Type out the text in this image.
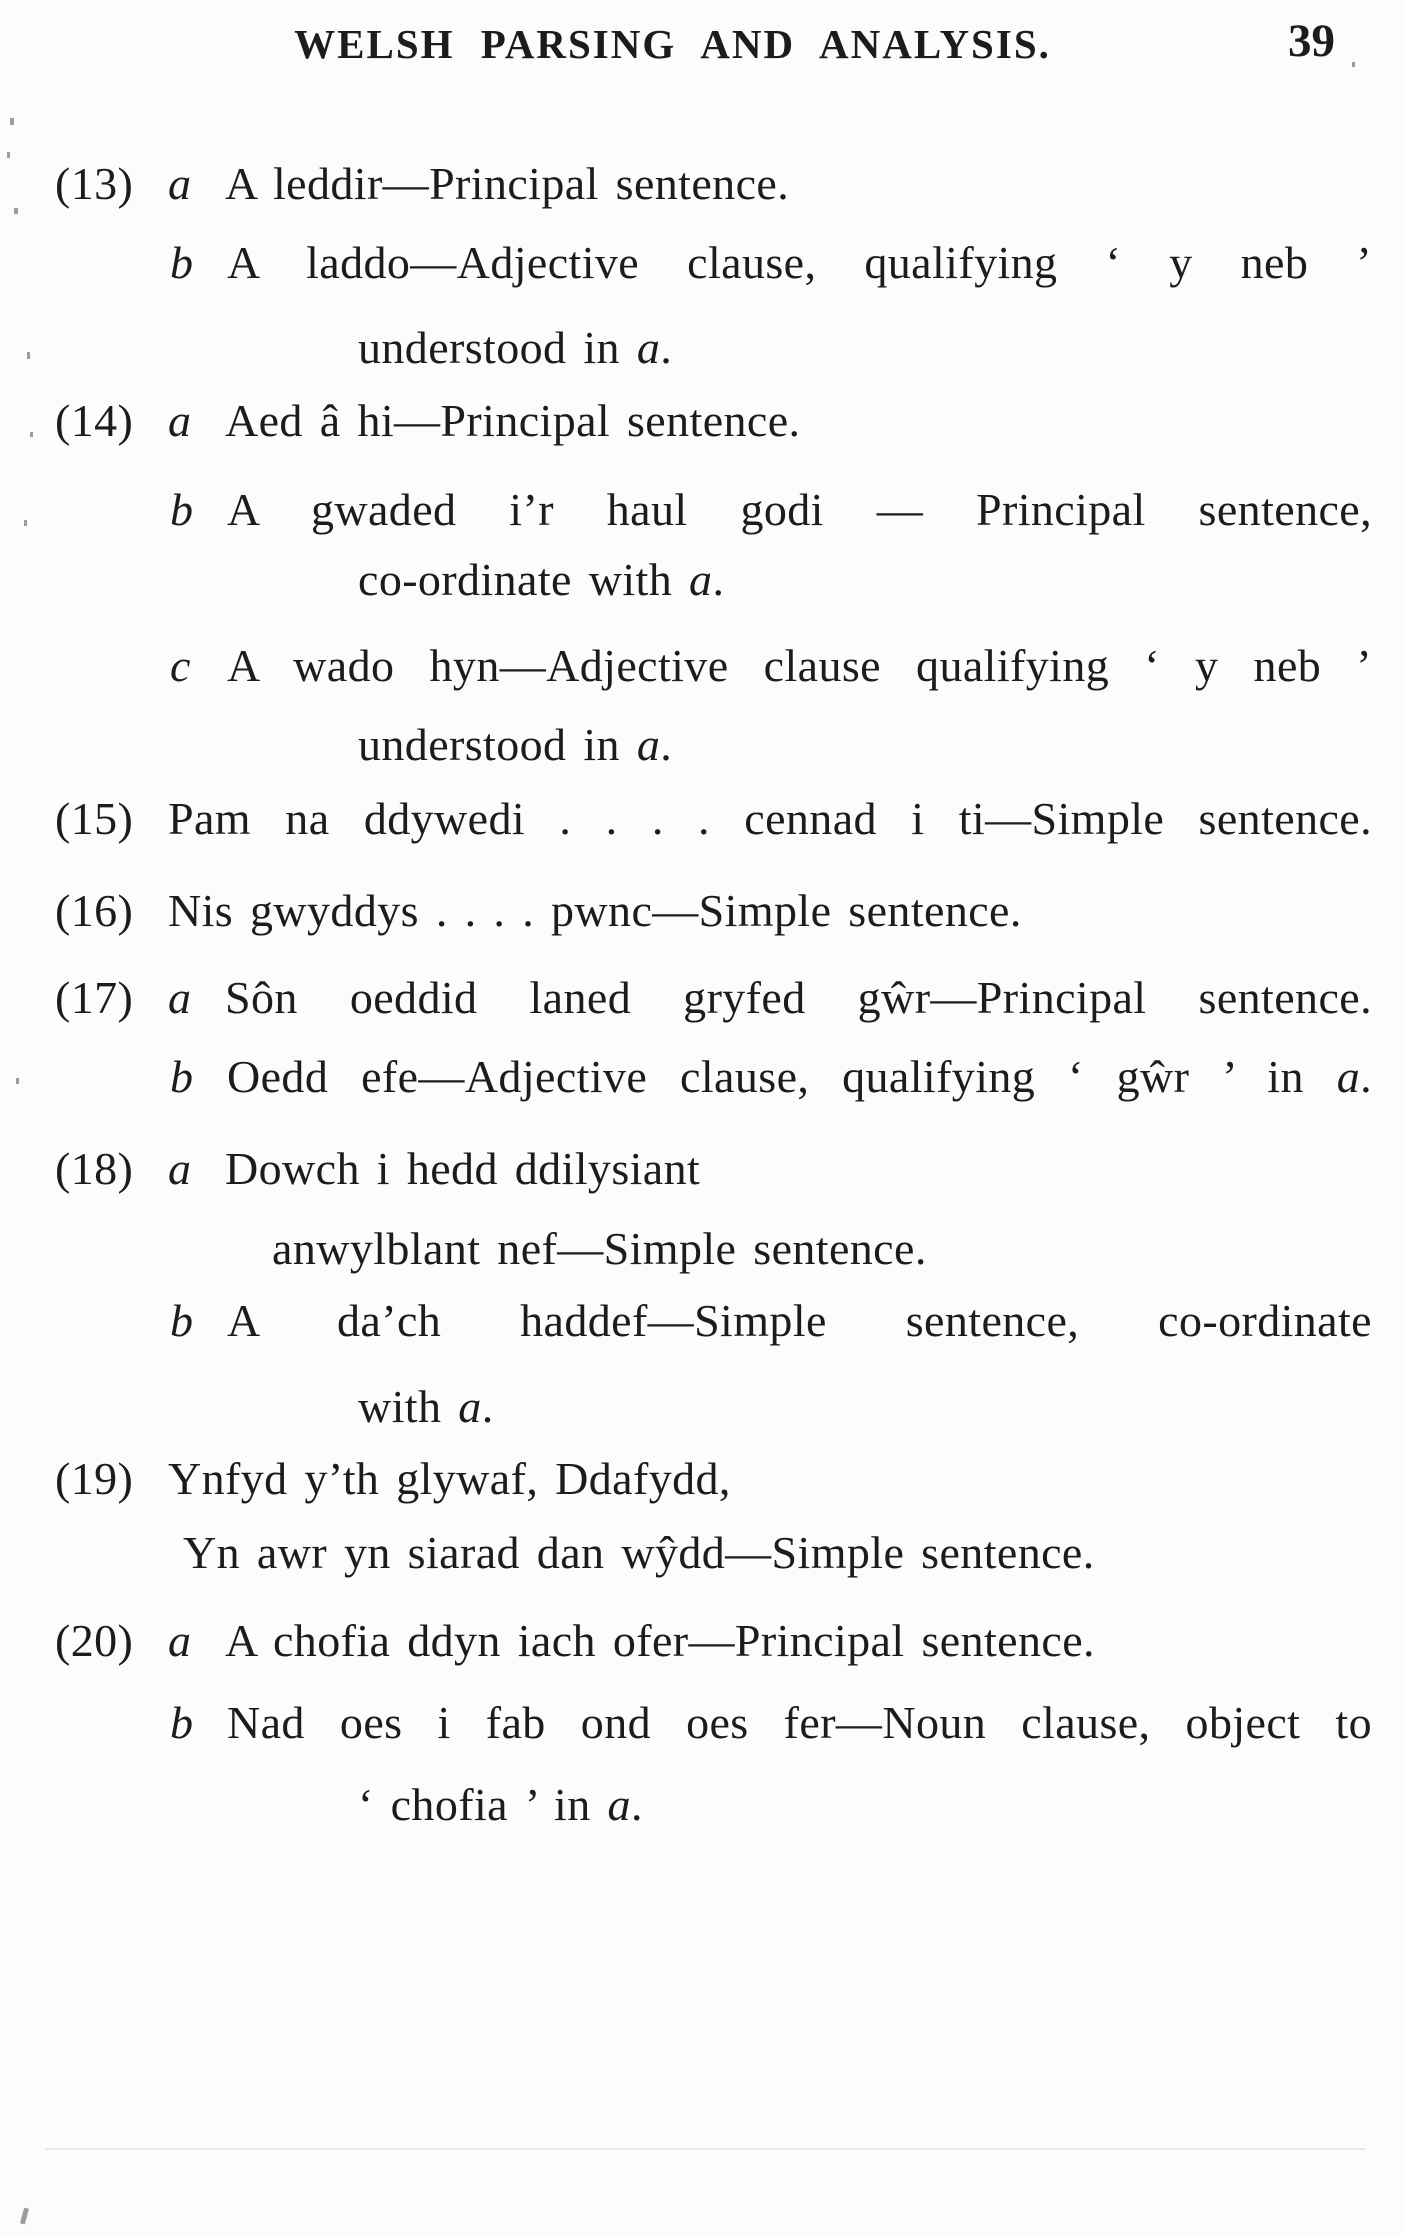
WELSH PARSING AND ANALYSIS.	39
(13) a A leddir—Principal sentence.
b A laddo—Adjective clause, qualifying ‘ y neb ’
understood in a.
(14) a Aed â hi—Principal sentence.
b A gwaded i’r haul godi — Principal sentence,
co-ordinate with a.
c A wado hyn—Adjective clause qualifying ‘ y neb ’
understood in a.
(15) Pam na ddywedi . . . . cennad i ti—Simple sentence.
(16) Nis gwyddys . . . . pwnc—Simple sentence.
(17) a Sôn oeddid laned gryfed gŵr—Principal sentence.
b Oedd efe—Adjective clause, qualifying ‘ gŵr ’ in a.
(18) a Dowch i hedd ddilysiant
anwylblant nef—Simple sentence.
b A da’ch haddef—Simple sentence, co-ordinate
with a.
(19) Ynfyd y’th glywaf, Ddafydd,
Yn awr yn siarad dan wŷdd—Simple sentence.
(20) a A chofia ddyn iach ofer—Principal sentence.
b Nad oes i fab ond oes fer—Noun clause, object to
‘ chofia ’ in a.
